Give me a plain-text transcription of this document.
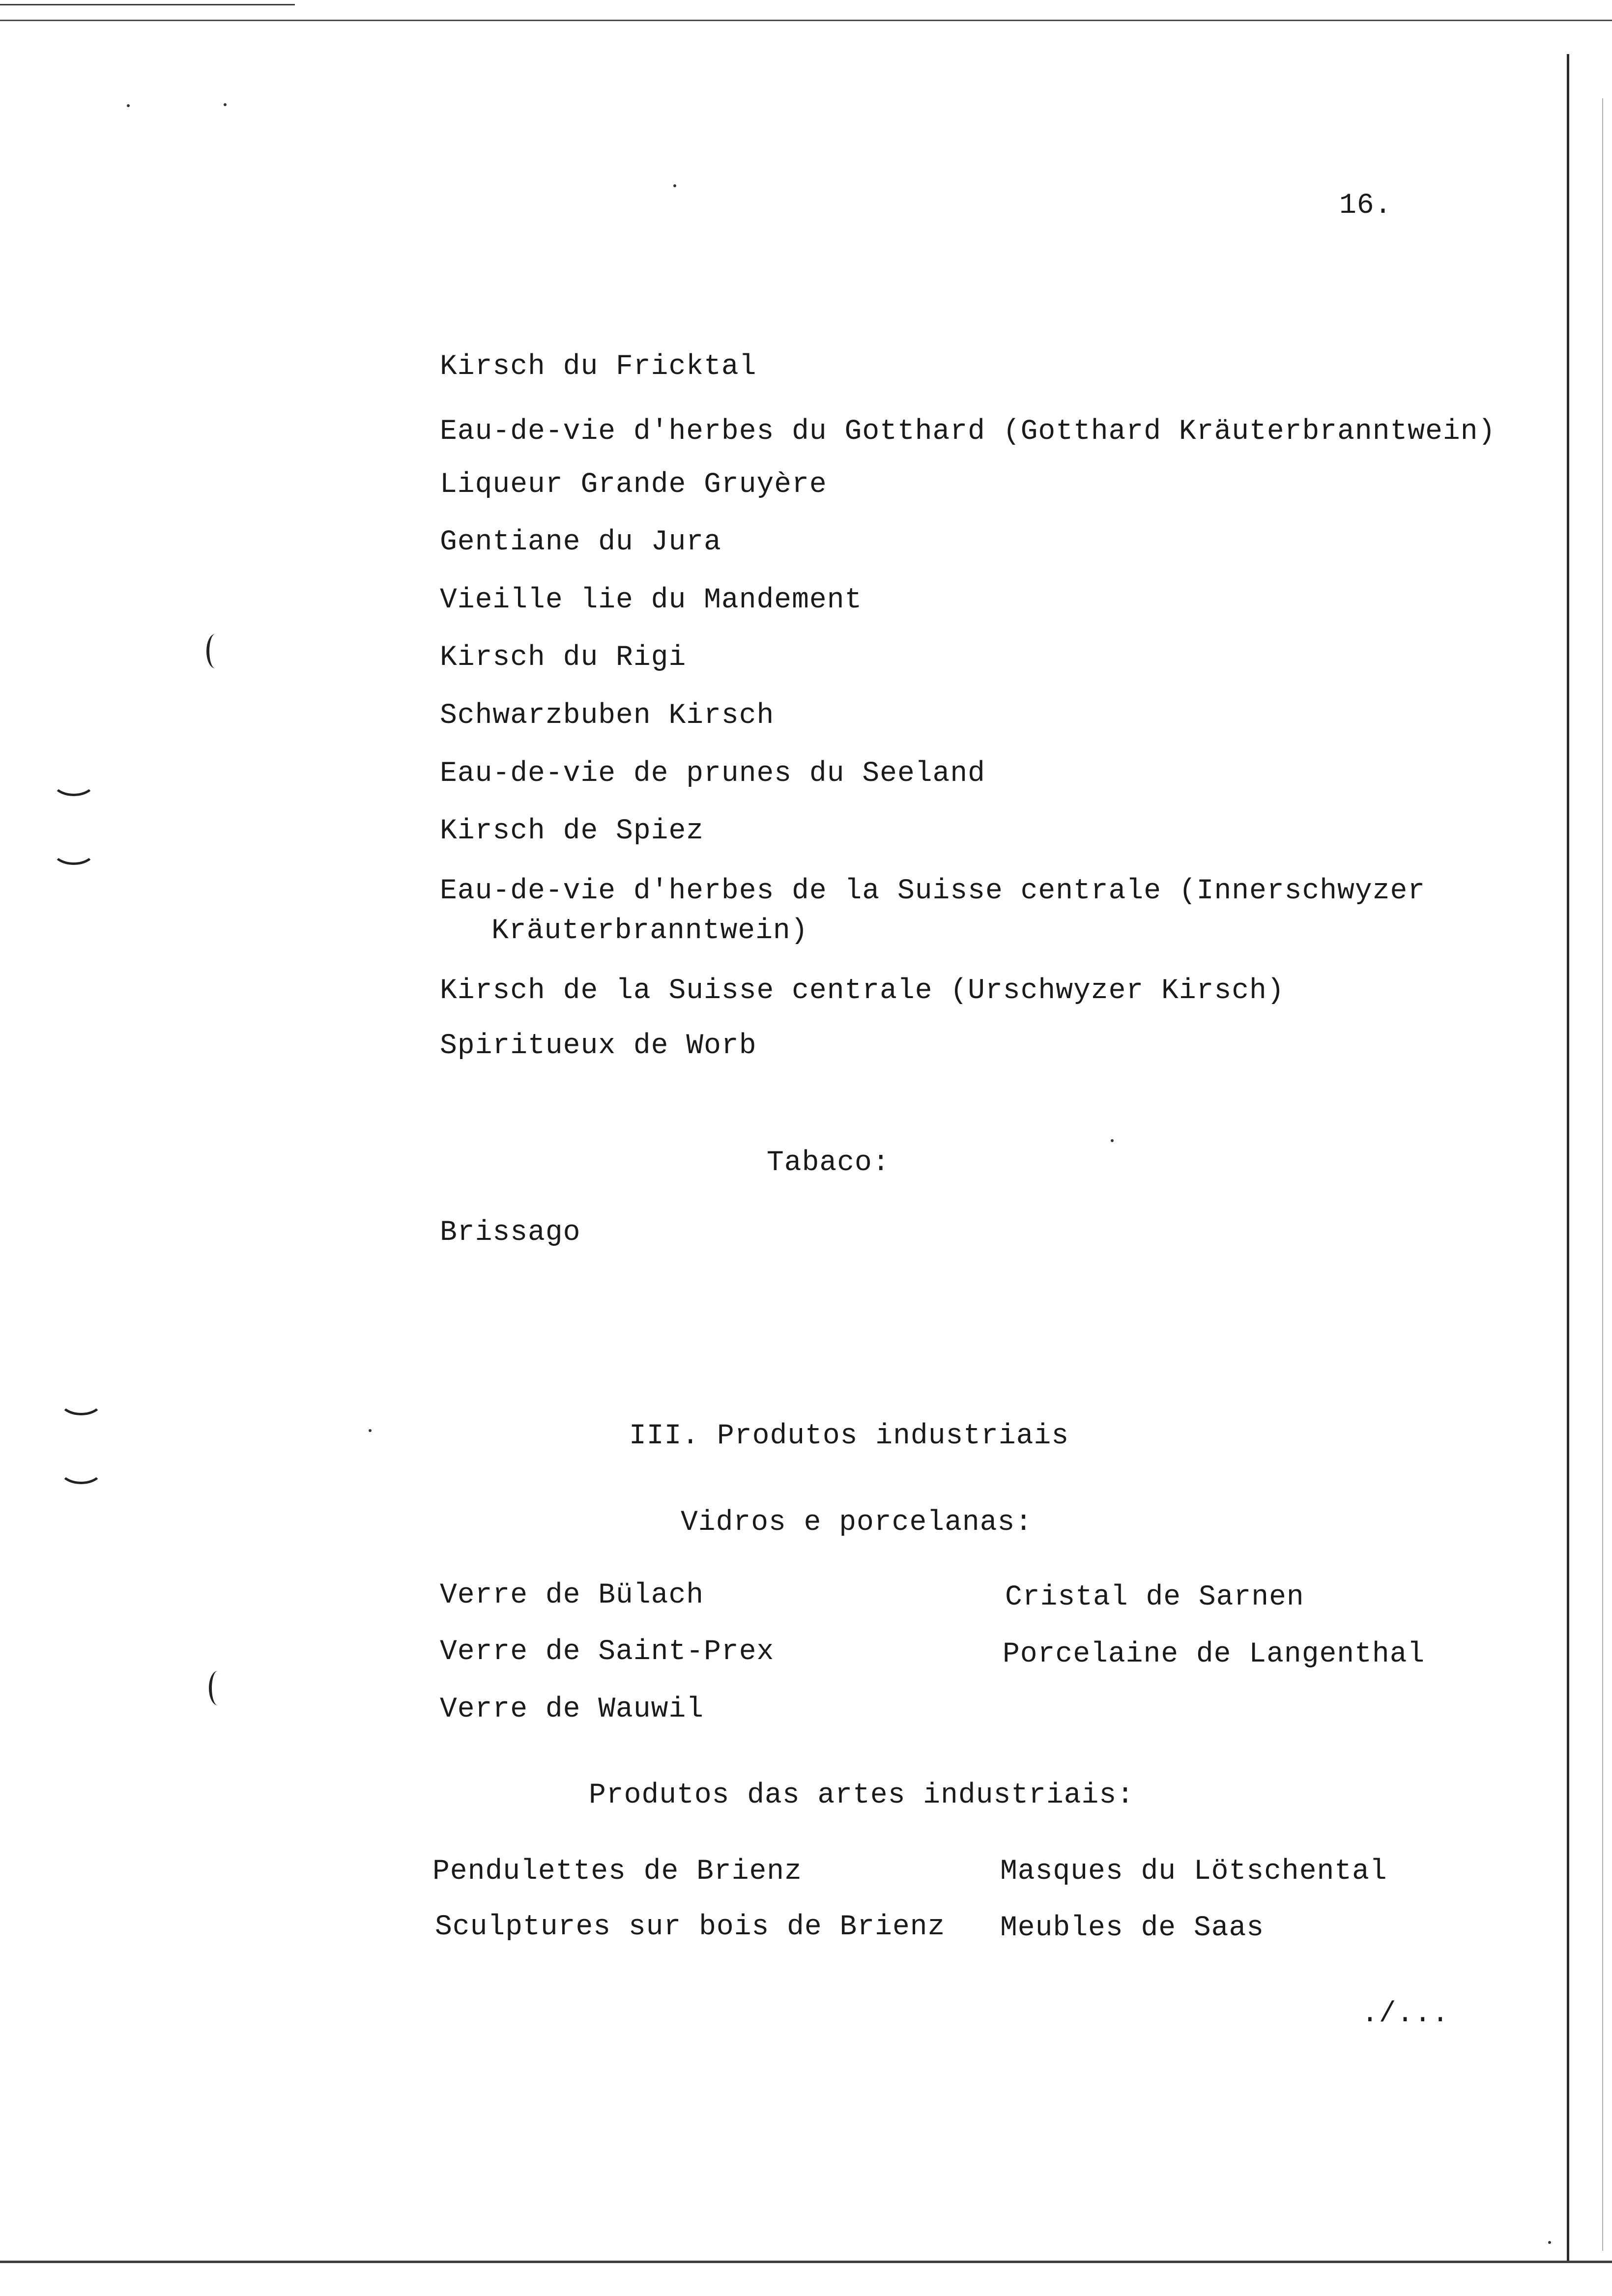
16.
Kirsch du Fricktal
Eau-de-vie d'herbes du Gotthard (Gotthard Kräuterbranntwein)
Liqueur Grande Gruyère
Gentiane du Jura
Vieille lie du Mandement
Kirsch du Rigi
Schwarzbuben Kirsch
Eau-de-vie de prunes du Seeland
Kirsch de Spiez
Eau-de-vie d'herbes de la Suisse centrale (Innerschwyzer
Kräuterbranntwein)
Kirsch de la Suisse centrale (Urschwyzer Kirsch)
Spiritueux de Worb
Tabaco:
Brissago
III. Produtos industriais
Vidros e porcelanas:
Verre de Bülach
Verre de Saint-Prex
Verre de Wauwil
Cristal de Sarnen
Porcelaine de Langenthal
Produtos das artes industriais:
Pendulettes de Brienz
Sculptures sur bois de Brienz
Masques du Lötschental
Meubles de Saas
./...
